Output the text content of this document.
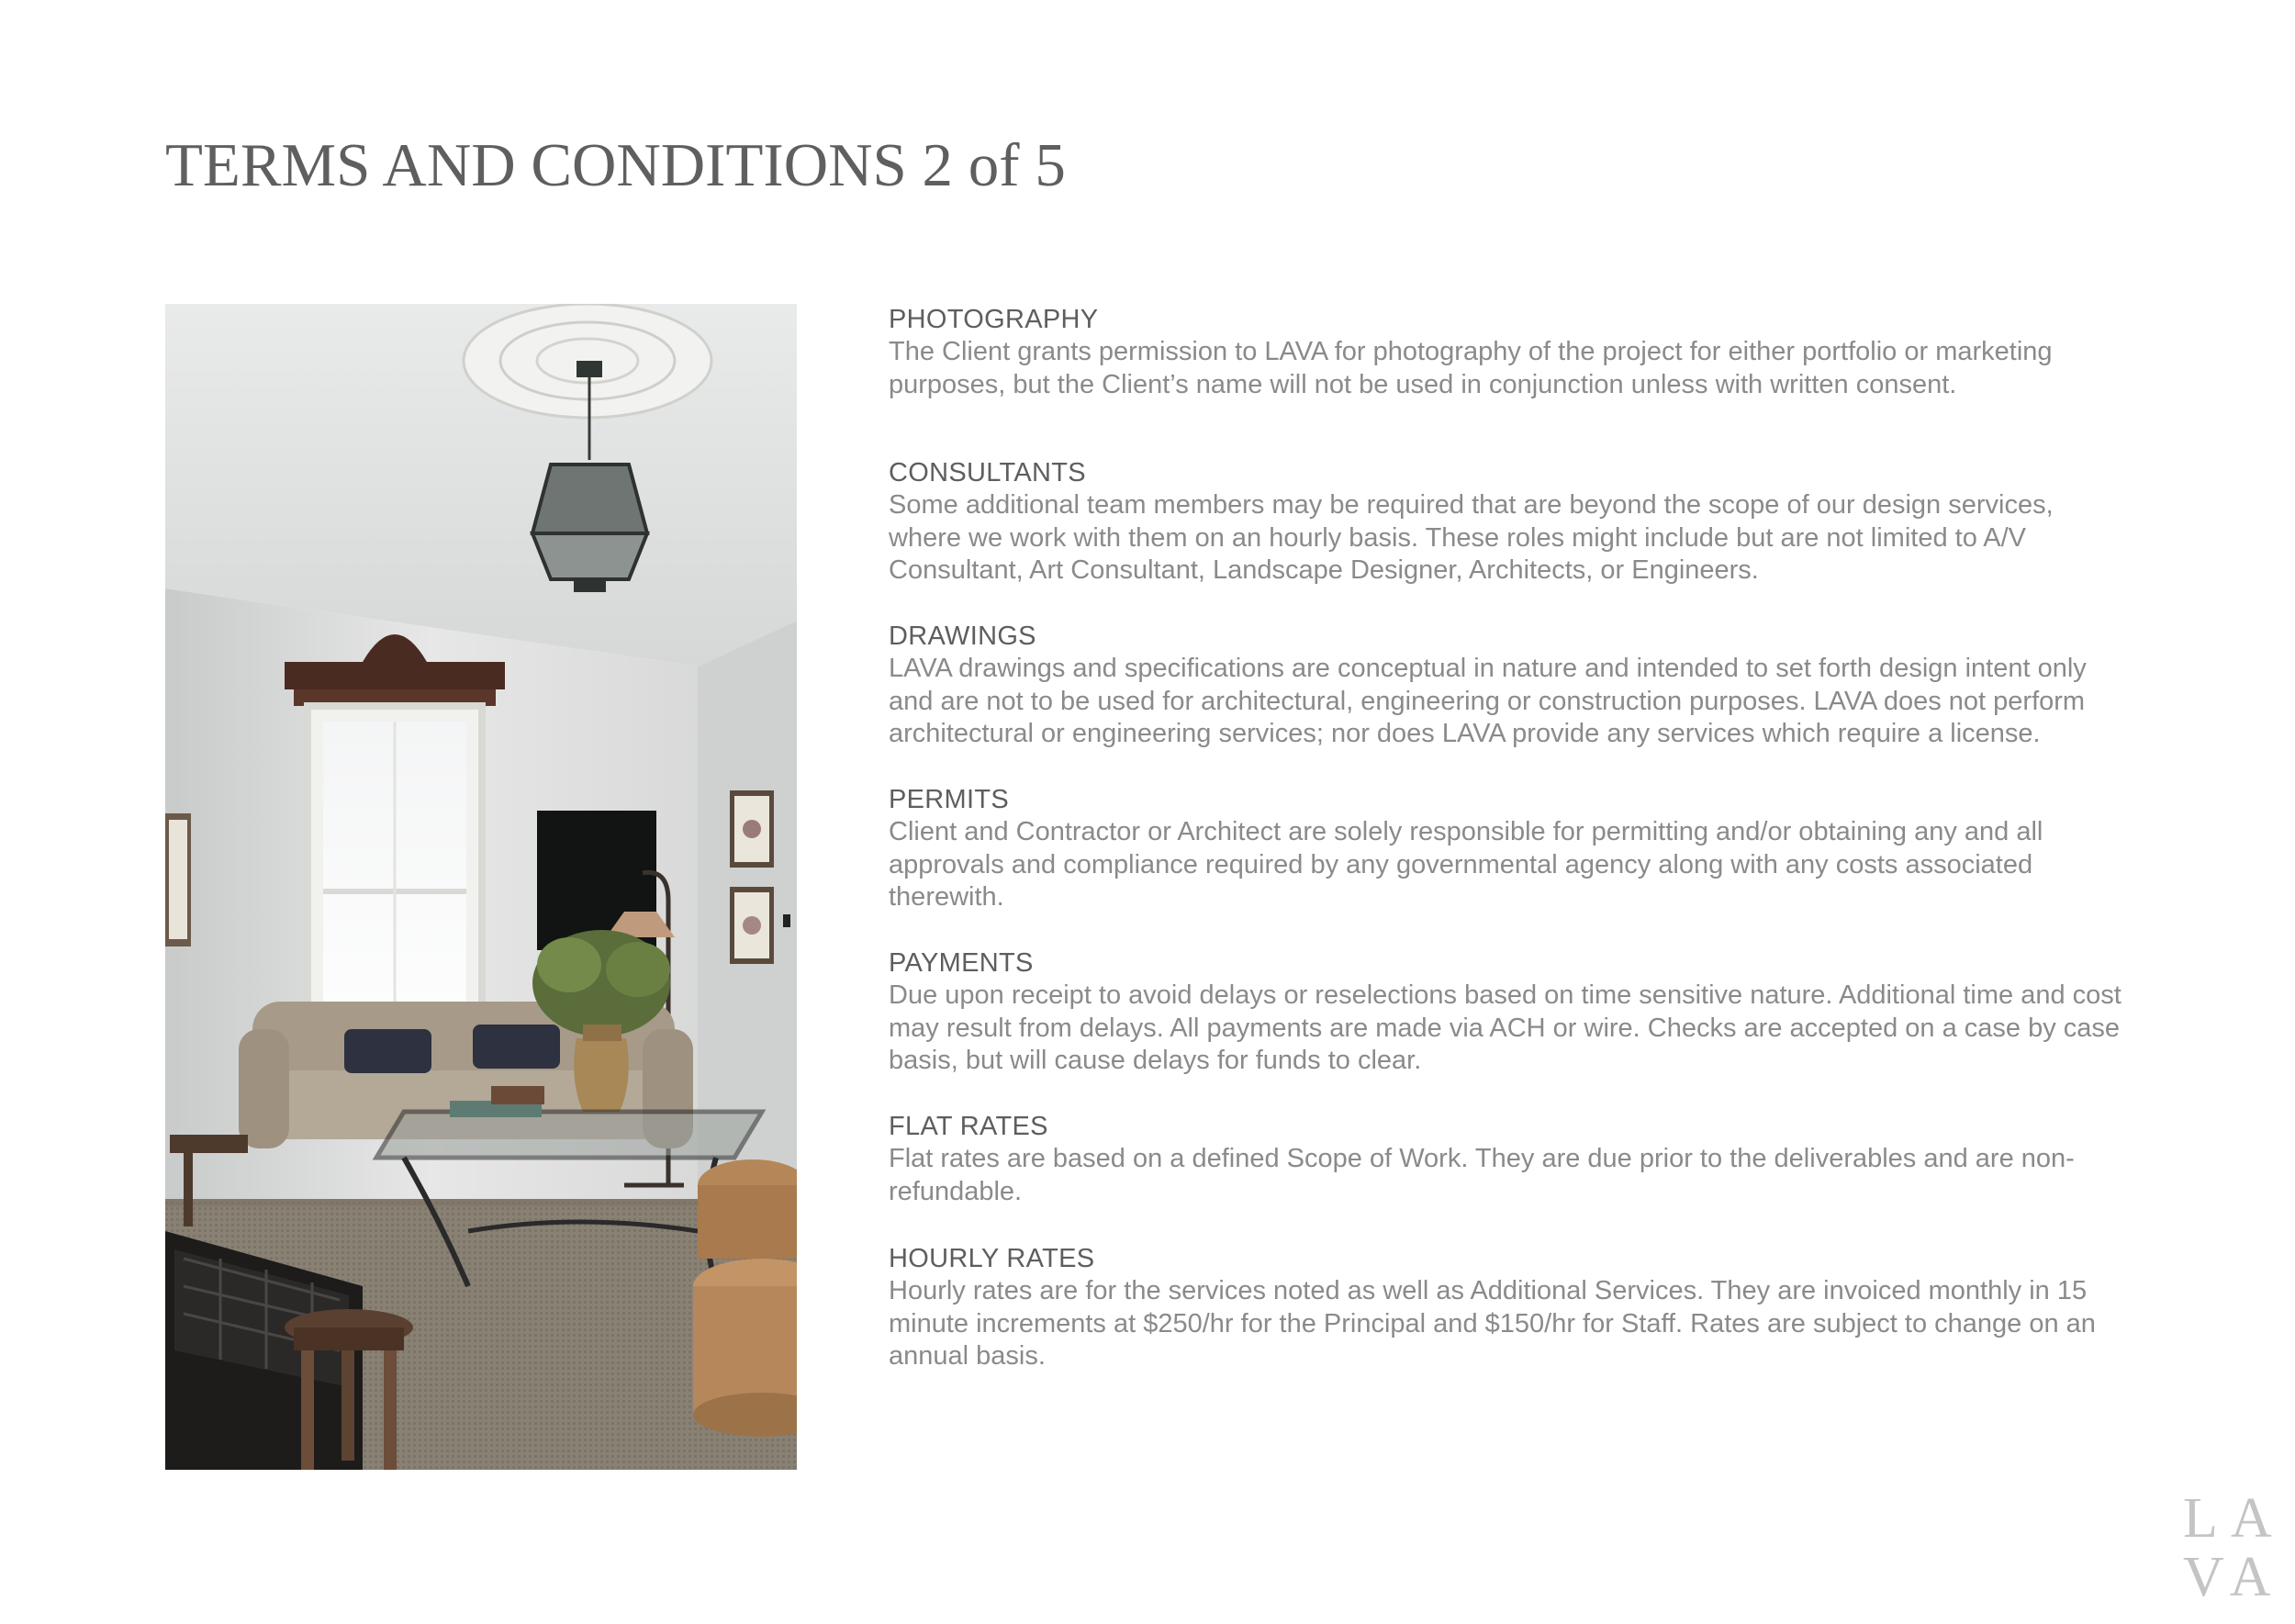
TERMS AND CONDITIONS 2 of 5
PHOTOGRAPHY

The Client grants permission to LAVA for photography of the project for either portfolio or marketing
purposes, but the Client’s name will not be used in conjunction unless with written consent.

CONSULTANTS

Some additional team members may be required that are beyond the scope of our design services,
where we work with them on an hourly basis. These roles might include but are not limited to A/V
Consultant, Art Consultant, Landscape Designer, Architects, or Engineers.

DRAWINGS

LAVA drawings and specifications are conceptual in nature and intended to set forth design intent only
and are not to be used for architectural, engineering or construction purposes. LAVA does not perform
architectural or engineering services; nor does LAVA provide any services which require a license.

PERMITS

Client and Contractor or Architect are solely responsible for permitting and/or obtaining any and all
approvals and compliance required by any governmental agency along with any costs associated
therewith.

PAYMENTS

Due upon receipt to avoid delays or reselections based on time sensitive nature. Additional time and cost
may result from delays. All payments are made via ACH or wire. Checks are accepted on a case by case
basis, but will cause delays for funds to clear.

FLAT RATES

Flat rates are based on a defined Scope of Work. They are due prior to the deliverables and are non-
refundable.

HOURLY RATES

Hourly rates are for the services noted as well as Additional Services. They are invoiced monthly in 15
minute increments at $250/hr for the Principal and $150/hr for Staff. Rates are subject to change on an
annual basis.

LA
VA
